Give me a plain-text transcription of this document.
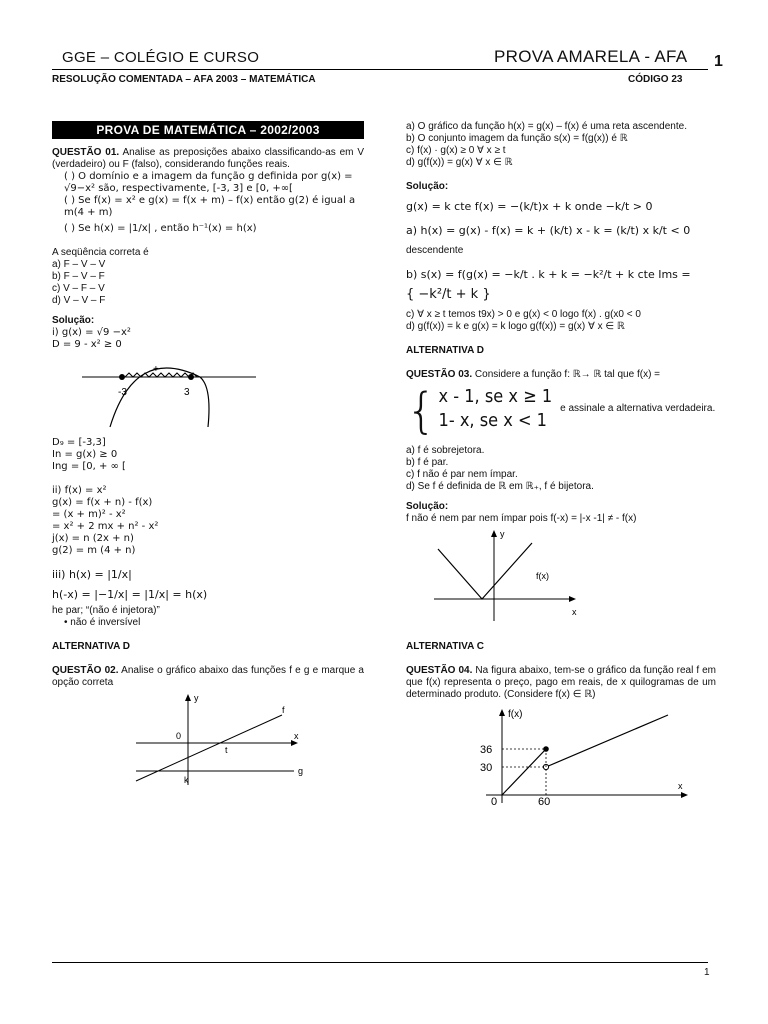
GGE – COLÉGIO E CURSO	PROVA AMARELA - AFA 1
RESOLUÇÃO COMENTADA – AFA 2003 – MATEMÁTICA	CÓDIGO 23
PROVA DE MATEMÁTICA – 2002/2003

QUESTÃO 01. Analise as preposições abaixo classificando-as em V (verdadeiro) ou F (falso), considerando funções reais.

( ) O domínio e a imagem da função g definida por g(x) = √9−x² são, respectivamente, [-3, 3] e [0, +∞[

( ) Se f(x) = x² e g(x) = f(x + m) – f(x) então g(2) é igual a m(4 + m)

( ) Se h(x) = |1/x| , então h⁻¹(x) = h(x)

A seqüência correta é

a) F – V – V

b) F – V – F

c) V – F – V

d) V – V – F

Solução:

i) g(x) = √9 −x²

D = 9 - x² ≥ 0

-3	3
+

D₉ = [-3,3]

In = g(x) ≥ 0

Ing = [0, + ∞ [

ii) f(x) = x²

g(x) = f(x + n) - f(x)

= (x + m)² - x²

= x² + 2 mx + n² - x²

j(x) = n (2x + n)

g(2) = m (4 + n)

iii) h(x) = |1/x|

h(-x) = |−1/x| = |1/x| = h(x)

he par; “(não é injetora)”

• não é inversível

ALTERNATIVA D

QUESTÃO 02. Analise o gráfico abaixo das funções f e g e marque a opção correta

y
x
f
g
0
t
k

a) O gráfico da função h(x) = g(x) – f(x) é uma reta ascendente.

b) O conjunto imagem da função s(x) = f(g(x)) é ℝ

c) f(x) · g(x) ≥ 0 ∀ x ≥ t

d) g(f(x)) = g(x) ∀ x ∈ ℝ

Solução:

g(x) = k cte f(x) = −(k/t)x + k onde −k/t > 0

a) h(x) = g(x) - f(x) = k + (k/t) x - k = (k/t) x k/t < 0

descendente

b) s(x) = f(g(x) = −k/t . k + k = −k²/t + k cte Ims =

{ −k²/t + k }

c) ∀ x ≥ t temos t9x) > 0 e g(x) < 0 logo f(x) . g(x0 < 0

d) g(f(x)) = k e g(x) = k logo g(f(x)) = g(x) ∀ x ∈ ℝ

ALTERNATIVA D

QUESTÃO 03. Considere a função f: ℝ→ ℝ tal que f(x) =

{ x - 1, se x ≥ 1
1- x, se x < 1
e assinale a alternativa verdadeira.

a) f é sobrejetora.

b) f é par.

c) f não é par nem ímpar.

d) Se f é definida de ℝ em ℝ₊, f é bijetora.

Solução:

f não é nem par nem ímpar pois f(-x) = |-x -1| ≠ - f(x)

y
x
f(x)

ALTERNATIVA C

QUESTÃO 04. Na figura abaixo, tem-se o gráfico da função real f em que f(x) representa o preço, pago em reais, de x quilogramas de um determinado produto. (Considere f(x) ∈ ℝ)

f(x)
x
36
30
0	60
1
